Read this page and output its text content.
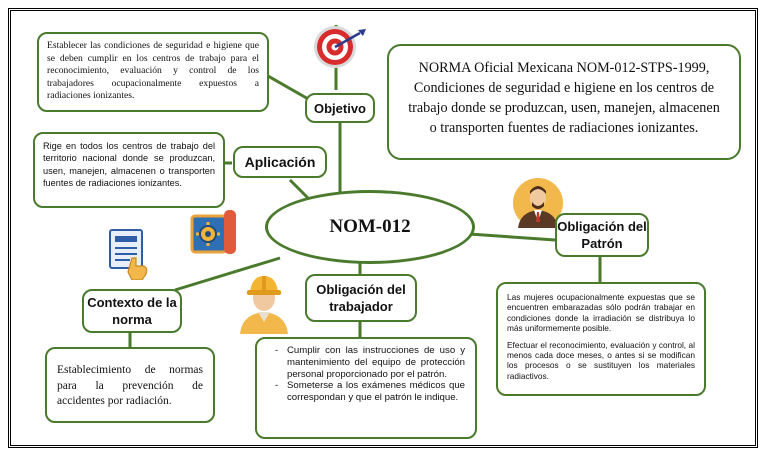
Establecer las condiciones de seguridad e higiene que se deben cumplir en los centros de trabajo para el reconocimiento, evaluación y control de los trabajadores ocupacionalmente expuestos a radiaciones ionizantes.
Objetivo
NORMA Oficial Mexicana NOM-012-STPS-1999, Condiciones de seguridad e higiene en los centros de trabajo donde se produzcan, usen, manejen, almacenen o transporten fuentes de radiaciones ionizantes.
Rige en todos los centros de trabajo del territorio nacional donde se produzcan, usen, manejen, almacenen o transporten fuentes de radiaciones ionizantes.
Aplicación
NOM-012	Obligación del Patrón
Las mujeres ocupacionalmente expuestas que se encuentren embarazadas sólo podrán trabajar en condiciones donde la irradiación se distribuya lo más uniformemente posible.
Efectuar el reconocimiento, evaluación y control, al menos cada doce meses, o antes si se modifican los procesos o se sustituyen los materiales radiactivos.
Contexto de la norma
Establecimiento de normas para la prevención de accidentes por radiación.
Obligación del trabajador
- Cumplir con las instrucciones de uso y mantenimiento del equipo de protección personal proporcionado por el patrón.
- Someterse a los exámenes médicos que correspondan y que el patrón le indique.
